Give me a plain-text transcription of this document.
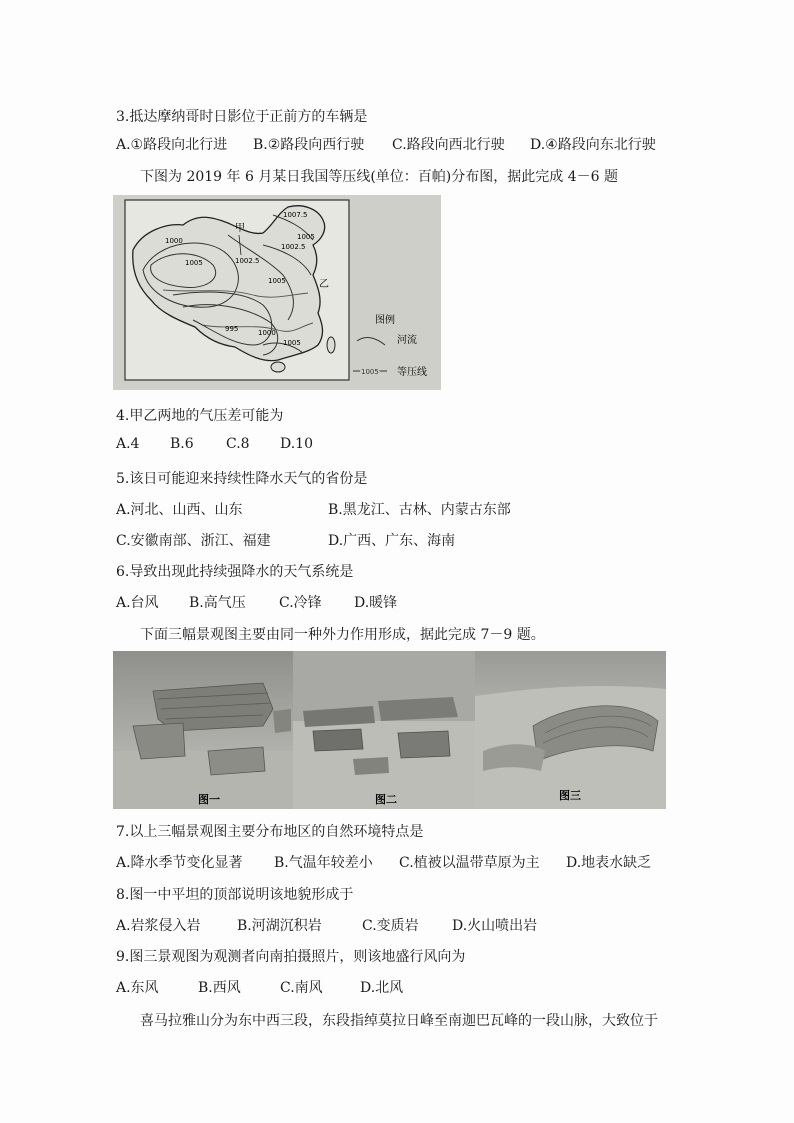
3.抵达摩纳哥时日影位于正前方的车辆是
A.①路段向北行进 B.②路段向西行驶 C.路段向西北行驶 D.④路段向东北行驶
下图为 2019 年 6 月某日我国等压线(单位：百帕)分布图，据此完成 4－6 题
甲
乙
1007.5
1005
1002.5
1005	1002.5
1000
1005
995	1000
1005
图例
河流
1005 等压线
4.甲乙两地的气压差可能为
A.4 B.6 C.8 D.10
5.该日可能迎来持续性降水天气的省份是
A.河北、山西、山东	B.黑龙江、古林、内蒙古东部
C.安徽南部、浙江、福建	D.广西、广东、海南
6.导致出现此持续强降水的天气系统是
A.台风 B.高气压 C.冷锋 D.暖锋
下面三幅景观图主要由同一种外力作用形成，据此完成 7－9 题。
图一	图二	图三
7.以上三幅景观图主要分布地区的自然环境特点是
A.降水季节变化显著 B.气温年较差小 C.植被以温带草原为主 D.地表水缺乏
8.图一中平坦的顶部说明该地貌形成于
A.岩浆侵入岩	B.河湖沉积岩	C.变质岩 D.火山喷出岩
9.图三景观图为观测者向南拍摄照片，则该地盛行风向为
A.东风	B.西风	C.南风	D.北风
喜马拉雅山分为东中西三段，东段指绰莫拉日峰至南迦巴瓦峰的一段山脉，大致位于
